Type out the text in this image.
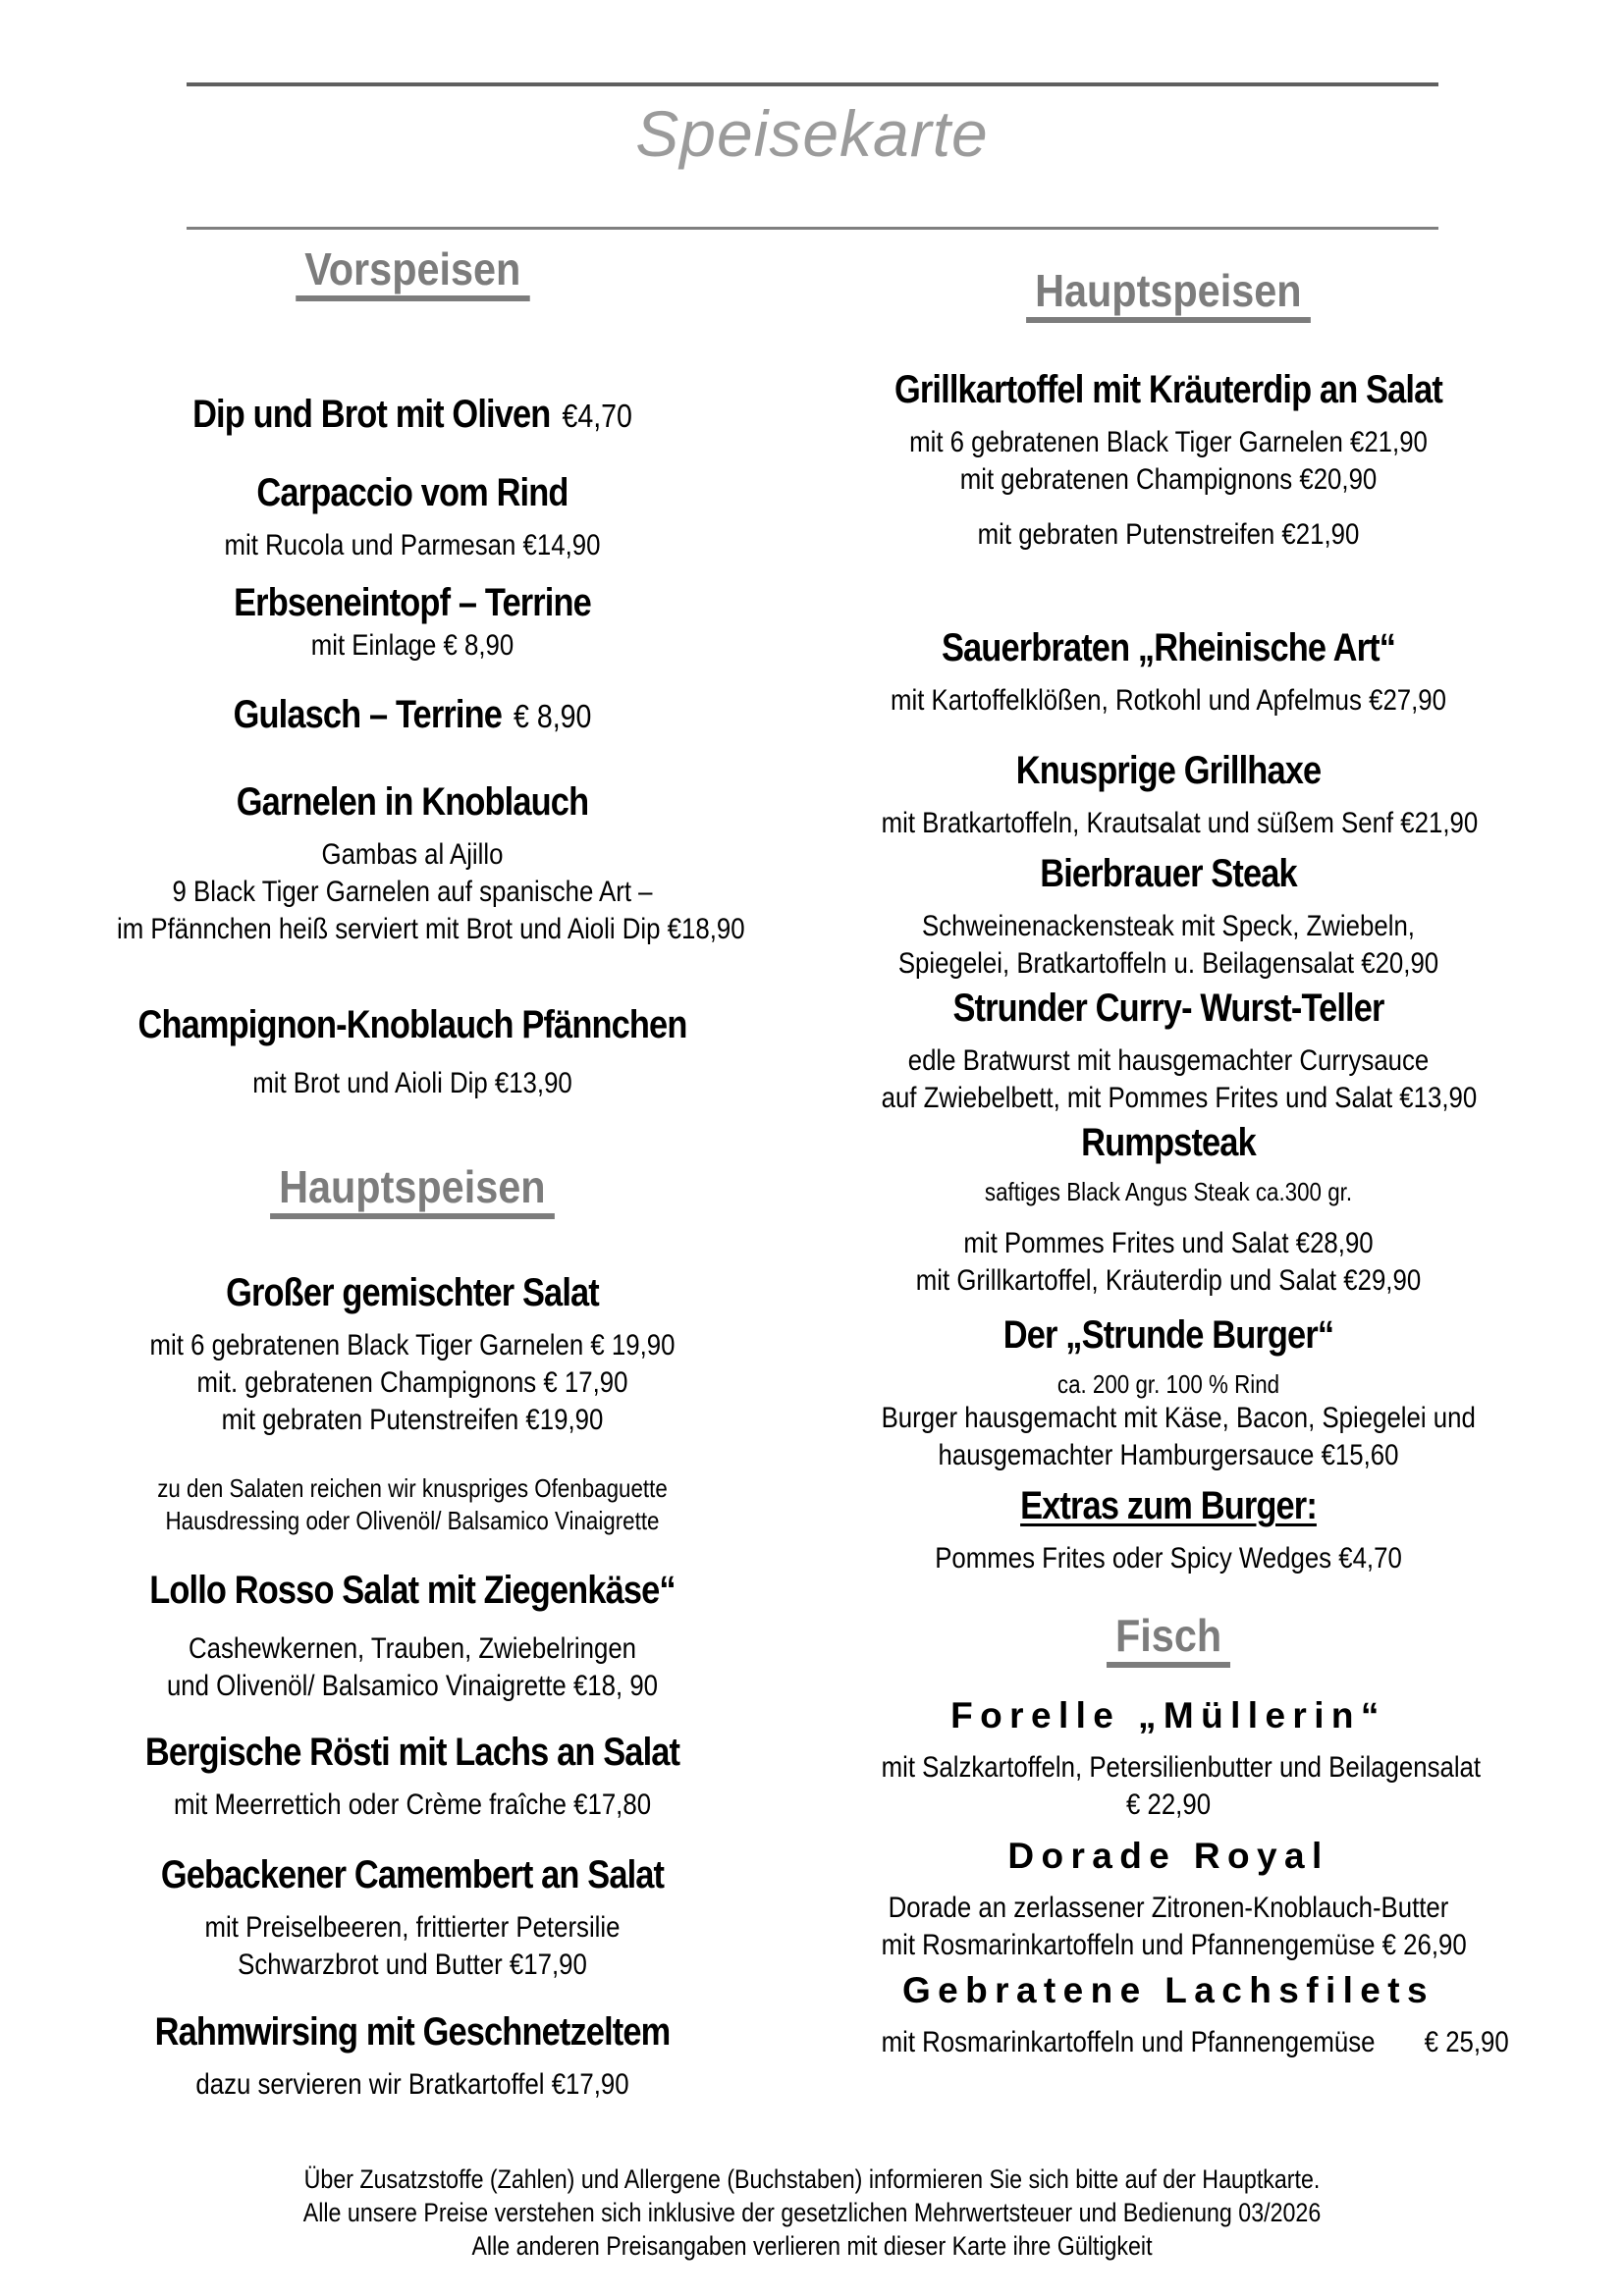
Speisekarte
Vorspeisen
Dip und Brot mit Oliven €4,70
Carpaccio vom Rind
mit Rucola und Parmesan €14,90
Erbseneintopf – Terrine
mit Einlage € 8,90
Gulasch – Terrine € 8,90
Garnelen in Knoblauch
Gambas al Ajillo
9 Black Tiger Garnelen auf spanische Art –
im Pfännchen heiß serviert mit Brot und Aioli Dip €18,90
Champignon-Knoblauch Pfännchen
mit Brot und Aioli Dip €13,90
Hauptspeisen
Großer gemischter Salat
mit 6 gebratenen Black Tiger Garnelen € 19,90
mit. gebratenen Champignons € 17,90
mit gebraten Putenstreifen €19,90
zu den Salaten reichen wir knuspriges Ofenbaguette
Hausdressing oder Olivenöl/ Balsamico Vinaigrette
Lollo Rosso Salat mit Ziegenkäse“
Cashewkernen, Trauben, Zwiebelringen
und Olivenöl/ Balsamico Vinaigrette €18, 90
Bergische Rösti mit Lachs an Salat
mit Meerrettich oder Crème fraîche €17,80
Gebackener Camembert an Salat
mit Preiselbeeren, frittierter Petersilie
Schwarzbrot und Butter €17,90
Rahmwirsing mit Geschnetzeltem
dazu servieren wir Bratkartoffel €17,90
Hauptspeisen
Grillkartoffel mit Kräuterdip an Salat
mit 6 gebratenen Black Tiger Garnelen €21,90
mit gebratenen Champignons €20,90
mit gebraten Putenstreifen €21,90
Sauerbraten „Rheinische Art“
mit Kartoffelklößen, Rotkohl und Apfelmus €27,90
Knusprige Grillhaxe
mit Bratkartoffeln, Krautsalat und süßem Senf €21,90
Bierbrauer Steak
Schweinenackensteak mit Speck, Zwiebeln,
Spiegelei, Bratkartoffeln u. Beilagensalat €20,90
Strunder Curry- Wurst-Teller
edle Bratwurst mit hausgemachter Currysauce
auf Zwiebelbett, mit Pommes Frites und Salat €13,90
Rumpsteak
saftiges Black Angus Steak ca.300 gr.
mit Pommes Frites und Salat €28,90
mit Grillkartoffel, Kräuterdip und Salat €29,90
Der „Strunde Burger“
ca. 200 gr. 100 % Rind
Burger hausgemacht mit Käse, Bacon, Spiegelei und
hausgemachter Hamburgersauce €15,60
Extras zum Burger:
Pommes Frites oder Spicy Wedges €4,70
Fisch
Forelle „Müllerin“
mit Salzkartoffeln, Petersilienbutter und Beilagensalat
€ 22,90
Dorade Royal
Dorade an zerlassener Zitronen-Knoblauch-Butter
mit Rosmarinkartoffeln und Pfannengemüse € 26,90
Gebratene Lachsfilets
mit Rosmarinkartoffeln und Pfannengemüse       € 25,90
Über Zusatzstoffe (Zahlen) und Allergene (Buchstaben) informieren Sie sich bitte auf der Hauptkarte.
Alle unsere Preise verstehen sich inklusive der gesetzlichen Mehrwertsteuer und Bedienung 03/2026
Alle anderen Preisangaben verlieren mit dieser Karte ihre Gültigkeit
